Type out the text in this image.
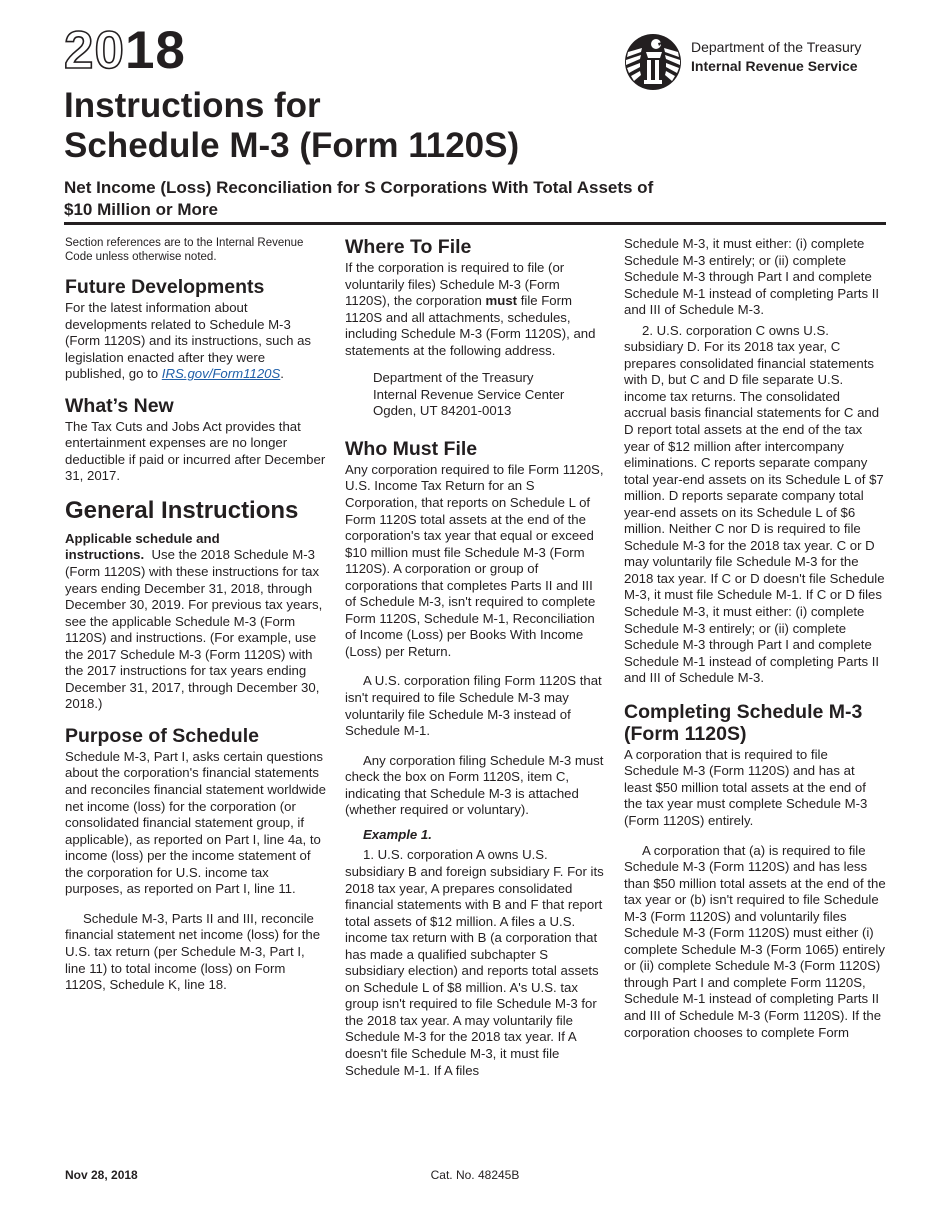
2018
Instructions for
Schedule M-3 (Form 1120S)

Net Income (Loss) Reconciliation for S Corporations With Total Assets of
$10 Million or More

Department of the Treasury
Internal Revenue Service

Section references are to the Internal Revenue Code unless otherwise noted.

Future Developments

For the latest information about developments related to Schedule M-3 (Form 1120S) and its instructions, such as legislation enacted after they were published, go to IRS.gov/Form1120S.

What’s New

The Tax Cuts and Jobs Act provides that entertainment expenses are no longer deductible if paid or incurred after December 31, 2017.

General Instructions

Applicable schedule and instructions. Use the 2018 Schedule M-3 (Form 1120S) with these instructions for tax years ending December 31, 2018, through December 30, 2019. For previous tax years, see the applicable Schedule M-3 (Form 1120S) and instructions. (For example, use the 2017 Schedule M-3 (Form 1120S) with the 2017 instructions for tax years ending December 31, 2017, through December 30, 2018.)

Purpose of Schedule

Schedule M-3, Part I, asks certain questions about the corporation's financial statements and reconciles financial statement worldwide net income (loss) for the corporation (or consolidated financial statement group, if applicable), as reported on Part I, line 4a, to income (loss) per the income statement of the corporation for U.S. income tax purposes, as reported on Part I, line 11.

Schedule M-3, Parts II and III, reconcile financial statement net income (loss) for the U.S. tax return (per Schedule M-3, Part I, line 11) to total income (loss) on Form 1120S, Schedule K, line 18.

Where To File

If the corporation is required to file (or voluntarily files) Schedule M-3 (Form 1120S), the corporation must file Form 1120S and all attachments, schedules, including Schedule M-3 (Form 1120S), and statements at the following address.

Department of the Treasury
Internal Revenue Service Center
Ogden, UT 84201-0013
Who Must File

Any corporation required to file Form 1120S, U.S. Income Tax Return for an S Corporation, that reports on Schedule L of Form 1120S total assets at the end of the corporation's tax year that equal or exceed $10 million must file Schedule M-3 (Form 1120S). A corporation or group of corporations that completes Parts II and III of Schedule M-3, isn't required to complete Form 1120S, Schedule M-1, Reconciliation of Income (Loss) per Books With Income (Loss) per Return.

A U.S. corporation filing Form 1120S that isn't required to file Schedule M-3 may voluntarily file Schedule M-3 instead of Schedule M-1.

Any corporation filing Schedule M-3 must check the box on Form 1120S, item C, indicating that Schedule M-3 is attached (whether required or voluntary).

Example 1.

1. U.S. corporation A owns U.S. subsidiary B and foreign subsidiary F. For its 2018 tax year, A prepares consolidated financial statements with B and F that report total assets of $12 million. A files a U.S. income tax return with B (a corporation that has made a qualified subchapter S subsidiary election) and reports total assets on Schedule L of $8 million. A's U.S. tax group isn't required to file Schedule M-3 for the 2018 tax year. A may voluntarily file Schedule M-3 for the 2018 tax year. If A doesn't file Schedule M-3, it must file Schedule M-1. If A files

Schedule M-3, it must either: (i) complete Schedule M-3 entirely; or (ii) complete Schedule M-3 through Part I and complete Schedule M-1 instead of completing Parts II and III of Schedule M-3.

2. U.S. corporation C owns U.S. subsidiary D. For its 2018 tax year, C prepares consolidated financial statements with D, but C and D file separate U.S. income tax returns. The consolidated accrual basis financial statements for C and D report total assets at the end of the tax year of $12 million after intercompany eliminations. C reports separate company total year-end assets on its Schedule L of $7 million. D reports separate company total year-end assets on its Schedule L of $6 million. Neither C nor D is required to file Schedule M-3 for the 2018 tax year. C or D may voluntarily file Schedule M-3 for the 2018 tax year. If C or D doesn't file Schedule M-3, it must file Schedule M-1. If C or D files Schedule M-3, it must either: (i) complete Schedule M-3 entirely; or (ii) complete Schedule M-3 through Part I and complete Schedule M-1 instead of completing Parts II and III of Schedule M-3.

Completing Schedule M-3 (Form 1120S)

A corporation that is required to file Schedule M-3 (Form 1120S) and has at least $50 million total assets at the end of the tax year must complete Schedule M-3 (Form 1120S) entirely.

A corporation that (a) is required to file Schedule M-3 (Form 1120S) and has less than $50 million total assets at the end of the tax year or (b) isn't required to file Schedule M-3 (Form 1120S) and voluntarily files Schedule M-3 (Form 1120S) must either (i) complete Schedule M-3 (Form 1065) entirely or (ii) complete Schedule M-3 (Form 1120S) through Part I and complete Form 1120S, Schedule M-1 instead of completing Parts II and III of Schedule M-3 (Form 1120S). If the corporation chooses to complete Form

Nov 28, 2018	Cat. No. 48245B
